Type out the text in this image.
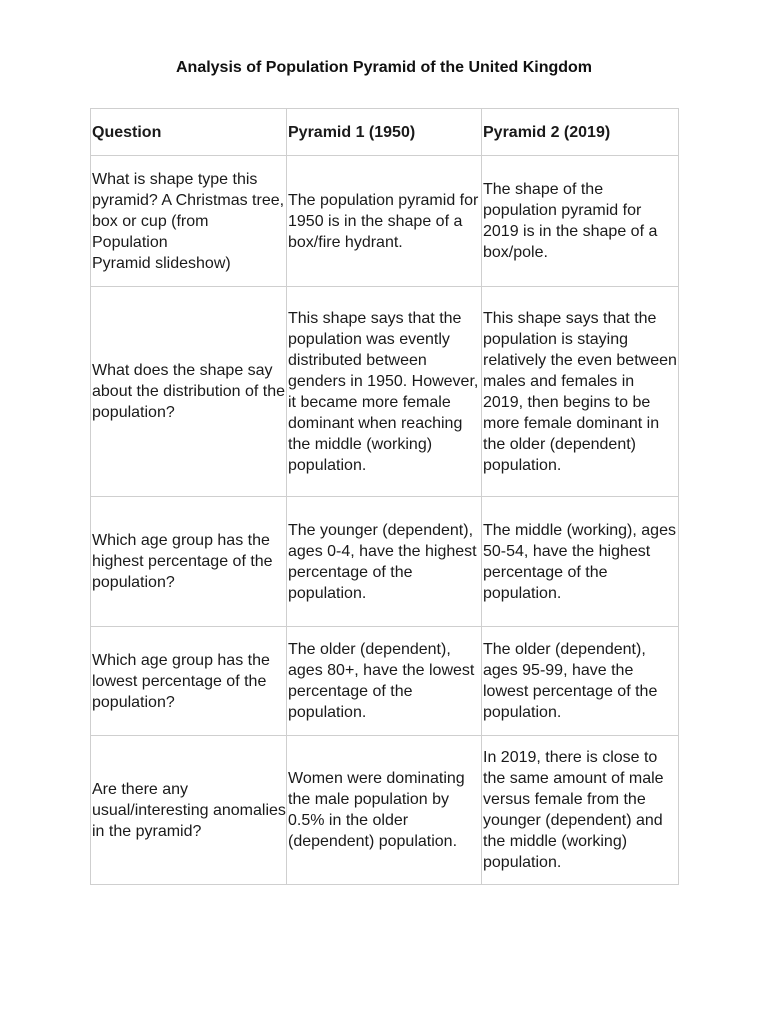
Analysis of Population Pyramid of the United Kingdom
Question	Pyramid 1 (1950)	Pyramid 2 (2019)
What is shape type this pyramid? A Christmas tree, box or cup (from Population
Pyramid slideshow)	The population pyramid for 1950 is in the shape of a box/fire hydrant.	The shape of the population pyramid for 2019 is in the shape of a box/pole.
What does the shape say about the distribution of the population?	This shape says that the population was evently distributed between genders in 1950. However, it became more female dominant when reaching the middle (working) population.	This shape says that the population is staying relatively the even between males and females in 2019, then begins to be more female dominant in the older (dependent) population.
Which age group has the highest percentage of the population?	The younger (dependent), ages 0-4, have the highest percentage of the population.	The middle (working), ages 50-54, have the highest percentage of the population.
Which age group has the lowest percentage of the population?	The older (dependent), ages 80+, have the lowest percentage of the population.	The older (dependent), ages 95-99, have the lowest percentage of the population.
Are there any usual/interesting anomalies in the pyramid?	Women were dominating the male population by 0.5% in the older (dependent) population.	In 2019, there is close to the same amount of male versus female from the younger (dependent) and the middle (working) population.
